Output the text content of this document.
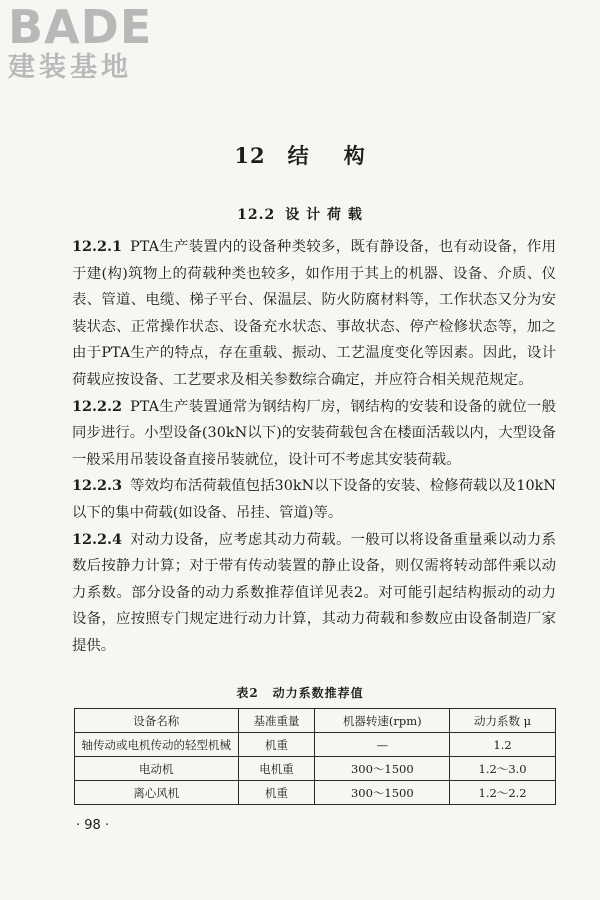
BADE
建装基地
12 结 构
12.2 设 计 荷 载

12.2.1 PTA生产装置内的设备种类较多，既有静设备，也有动设备，作用于建(构)筑物上的荷载种类也较多，如作用于其上的机器、设备、介质、仪表、管道、电缆、梯子平台、保温层、防火防腐材料等，工作状态又分为安装状态、正常操作状态、设备充水状态、事故状态、停产检修状态等，加之由于PTA生产的特点，存在重载、振动、工艺温度变化等因素。因此，设计荷载应按设备、工艺要求及相关参数综合确定，并应符合相关规范规定。

12.2.2 PTA生产装置通常为钢结构厂房，钢结构的安装和设备的就位一般同步进行。小型设备(30kN以下)的安装荷载包含在楼面活载以内，大型设备一般采用吊装设备直接吊装就位，设计可不考虑其安装荷载。

12.2.3 等效均布活荷载值包括30kN以下设备的安装、检修荷载以及10kN以下的集中荷载(如设备、吊挂、管道)等。

12.2.4 对动力设备，应考虑其动力荷载。一般可以将设备重量乘以动力系数后按静力计算；对于带有传动装置的静止设备，则仅需将转动部件乘以动力系数。部分设备的动力系数推荐值详见表2。对可能引起结构振动的动力设备，应按照专门规定进行动力计算，其动力荷载和参数应由设备制造厂家提供。

表2 动力系数推荐值
设备名称	基准重量	机器转速(rpm)	动力系数 μ
轴传动或电机传动的轻型机械	机重	—	1.2
电动机	电机重	300～1500	1.2～3.0
离心风机	机重	300～1500	1.2～2.2
· 98 ·
